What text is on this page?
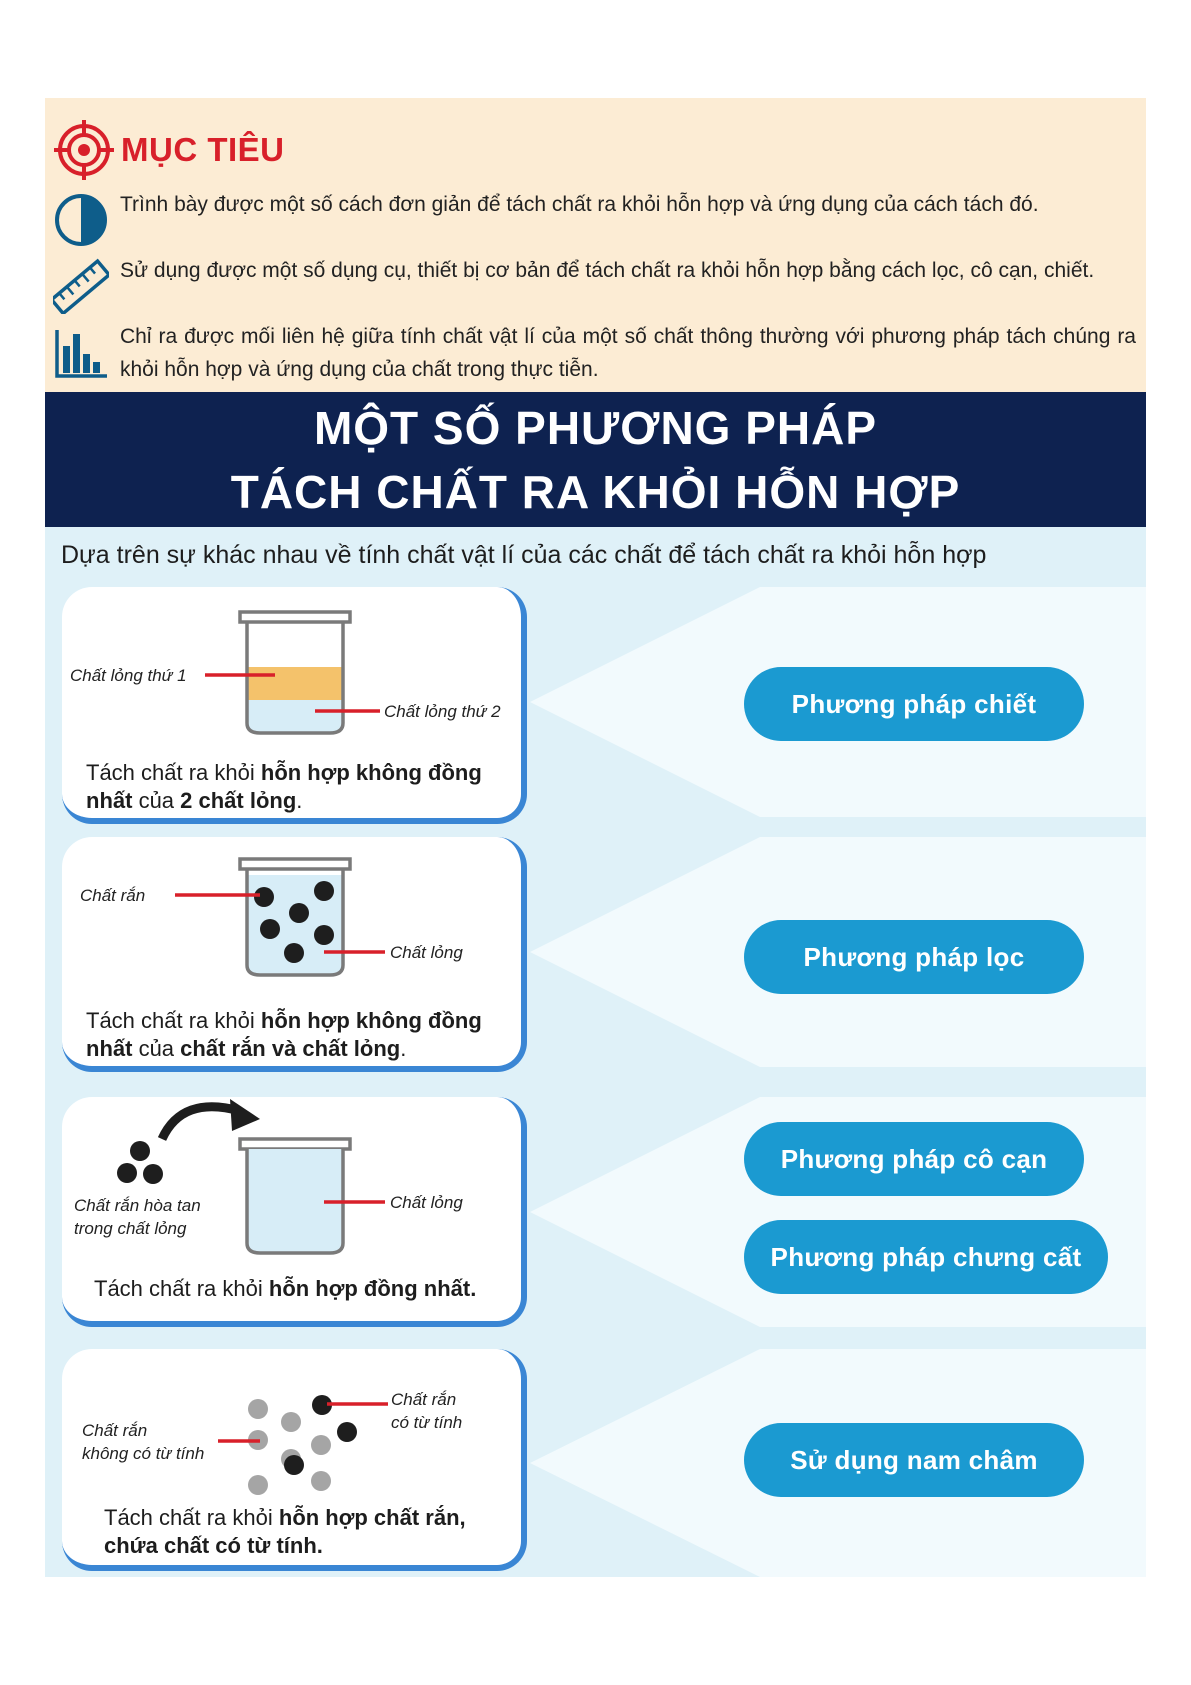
MỤC TIÊU
Trình bày được một số cách đơn giản để tách chất ra khỏi hỗn hợp và ứng dụng của cách tách đó.
Sử dụng được một số dụng cụ, thiết bị cơ bản để tách chất ra khỏi hỗn hợp bằng cách lọc, cô cạn, chiết.
Chỉ ra được mối liên hệ giữa tính chất vật lí của một số chất thông thường với phương pháp tách chúng ra khỏi hỗn hợp và ứng dụng của chất trong thực tiễn.
MỘT SỐ PHƯƠNG PHÁP
TÁCH CHẤT RA KHỎI HỖN HỢP
Dựa trên sự khác nhau về tính chất vật lí của các chất để tách chất ra khỏi hỗn hợp
Chất lỏng thứ 1
Chất lỏng thứ 2
Tách chất ra khỏi hỗn hợp không đồng nhất của 2 chất lỏng.
Phương pháp chiết
Chất rắn
Chất lỏng
Tách chất ra khỏi hỗn hợp không đồng nhất của chất rắn và chất lỏng.
Phương pháp lọc
Chất rắn hòa tan
trong chất lỏng
Chất lỏng
Tách chất ra khỏi hỗn hợp đồng nhất.
Phương pháp cô cạn
Phương pháp chưng cất
Chất rắn
không có từ tính
Chất rắn
có từ tính
Tách chất ra khỏi hỗn hợp chất rắn,
chứa chất có từ tính.
Sử dụng nam châm
